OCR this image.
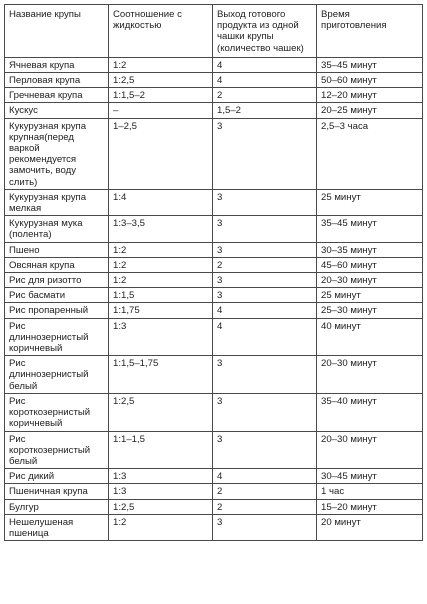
Название крупы	Соотношение с жидкостью	Выход готового продукта из одной чашки крупы (количество чашек)	Время приготовления
Ячневая крупа	1:2	4	35–45 минут
Перловая крупа	1:2,5	4	50–60 минут
Гречневая крупа	1:1,5–2	2	12–20 минут
Кускус	–	1,5–2	20–25 минут
Кукурузная крупа крупная(перед варкой рекомендуется замочить, воду слить)	1–2,5	3	2,5–3 часа
Кукурузная крупа мелкая	1:4	3	25 минут
Кукурузная мука (полента)	1:3–3,5	3	35–45 минут
Пшено	1:2	3	30–35 минут
Овсяная крупа	1:2	2	45–60 минут
Рис для ризотто	1:2	3	20–30 минут
Рис басмати	1:1,5	3	25 минут
Рис пропаренный	1:1,75	4	25–30 минут
Рис длиннозернистый коричневый	1:3	4	40 минут
Рис длиннозернистый белый	1:1,5–1,75	3	20–30 минут
Рис короткозернистый коричневый	1:2,5	3	35–40 минут
Рис короткозернистый белый	1:1–1,5	3	20–30 минут
Рис дикий	1:3	4	30–45 минут
Пшеничная крупа	1:3	2	1 час
Булгур	1:2,5	2	15–20 минут
Нешелушеная пшеница	1:2	3	20 минут
